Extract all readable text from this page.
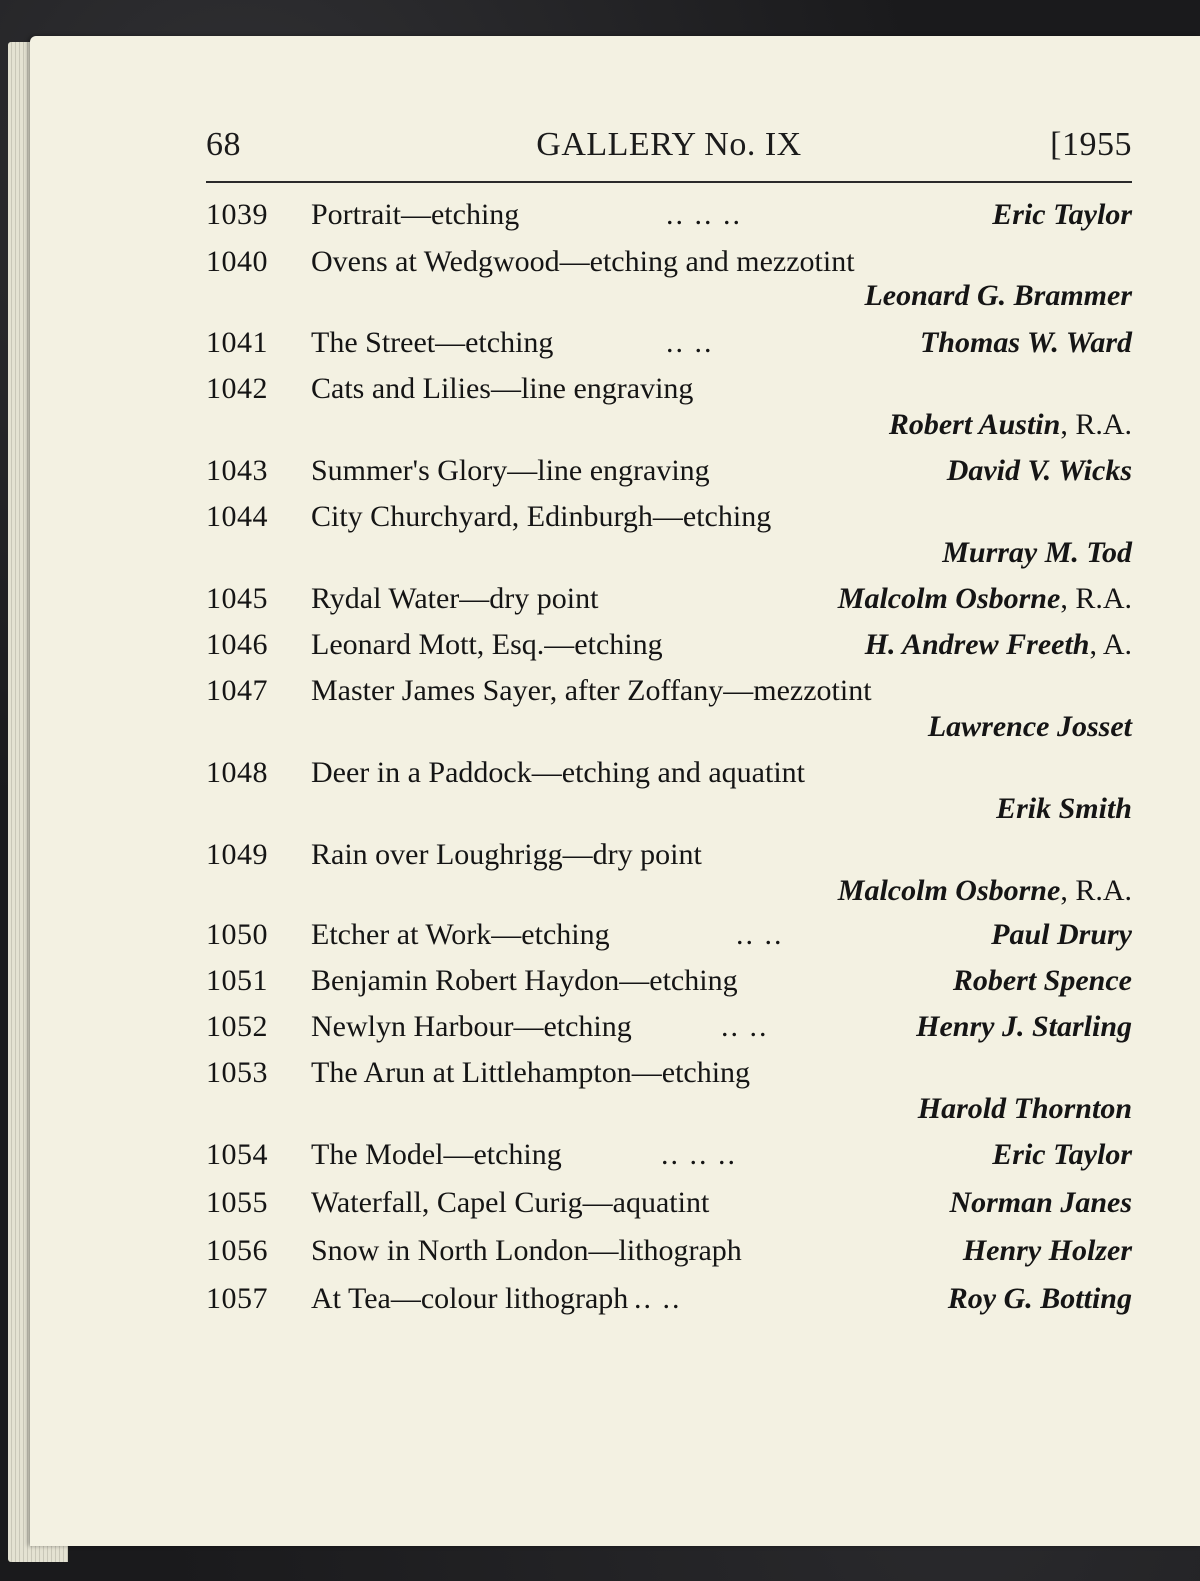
68	GALLERY No. IX	[1955
1039 Portrait—etching	.. .. ..	Eric Taylor
1040 Ovens at Wedgwood—etching and mezzotint
Leonard G. Brammer
1041 The Street—etching	.. ..	Thomas W. Ward
1042 Cats and Lilies—line engraving
Robert Austin, R.A.
1043 Summer's Glory—line engraving	David V. Wicks
1044 City Churchyard, Edinburgh—etching
Murray M. Tod
1045 Rydal Water—dry point	Malcolm Osborne, R.A.
1046 Leonard Mott, Esq.—etching	H. Andrew Freeth, A.
1047 Master James Sayer, after Zoffany—mezzotint
Lawrence Josset
1048 Deer in a Paddock—etching and aquatint
Erik Smith
1049 Rain over Loughrigg—dry point
Malcolm Osborne, R.A.
1050 Etcher at Work—etching	.. ..	Paul Drury
1051 Benjamin Robert Haydon—etching	Robert Spence
1052 Newlyn Harbour—etching	.. ..	Henry J. Starling
1053 The Arun at Littlehampton—etching
Harold Thornton
1054 The Model—etching	.. .. ..	Eric Taylor
1055 Waterfall, Capel Curig—aquatint	Norman Janes
1056 Snow in North London—lithograph	Henry Holzer
1057 At Tea—colour lithograph .. ..	Roy G. Botting
